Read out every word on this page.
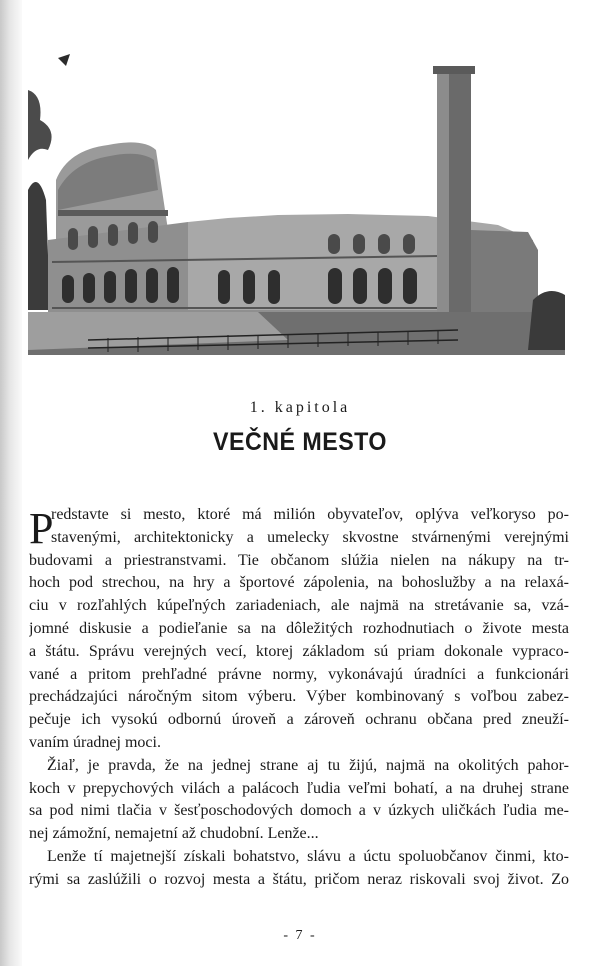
1. kapitola
VEČNÉ MESTO
P
redstavte si mesto, ktoré má milión obyvateľov, oplýva veľkoryso po-
stavenými, architektonicky a umelecky skvostne stvárnenými verejnými
budovami a priestranstvami. Tie občanom slúžia nielen na nákupy na tr-
hoch pod strechou, na hry a športové zápolenia, na bohoslužby a na relaxá-
ciu v rozľahlých kúpeľných zariadeniach, ale najmä na stretávanie sa, vzá-
jomné diskusie a podieľanie sa na dôležitých rozhodnutiach o živote mesta
a štátu. Správu verejných vecí, ktorej základom sú priam dokonale vypraco-
vané a pritom prehľadné právne normy, vykonávajú úradníci a funkcionári
prechádzajúci náročným sitom výberu. Výber kombinovaný s voľbou zabez-
pečuje ich vysokú odbornú úroveň a zároveň ochranu občana pred zneuží-
vaním úradnej moci.
Žiaľ, je pravda, že na jednej strane aj tu žijú, najmä na okolitých pahor-
koch v prepychových vilách a palácoch ľudia veľmi bohatí, a na druhej strane
sa pod nimi tlačia v šesťposchodových domoch a v úzkych uličkách ľudia me-
nej zámožní, nemajetní až chudobní. Lenže...
Lenže tí majetnejší získali bohatstvo, slávu a úctu spoluobčanov činmi, kto-
rými sa zaslúžili o rozvoj mesta a štátu, pričom neraz riskovali svoj život. Zo
- 7 -
